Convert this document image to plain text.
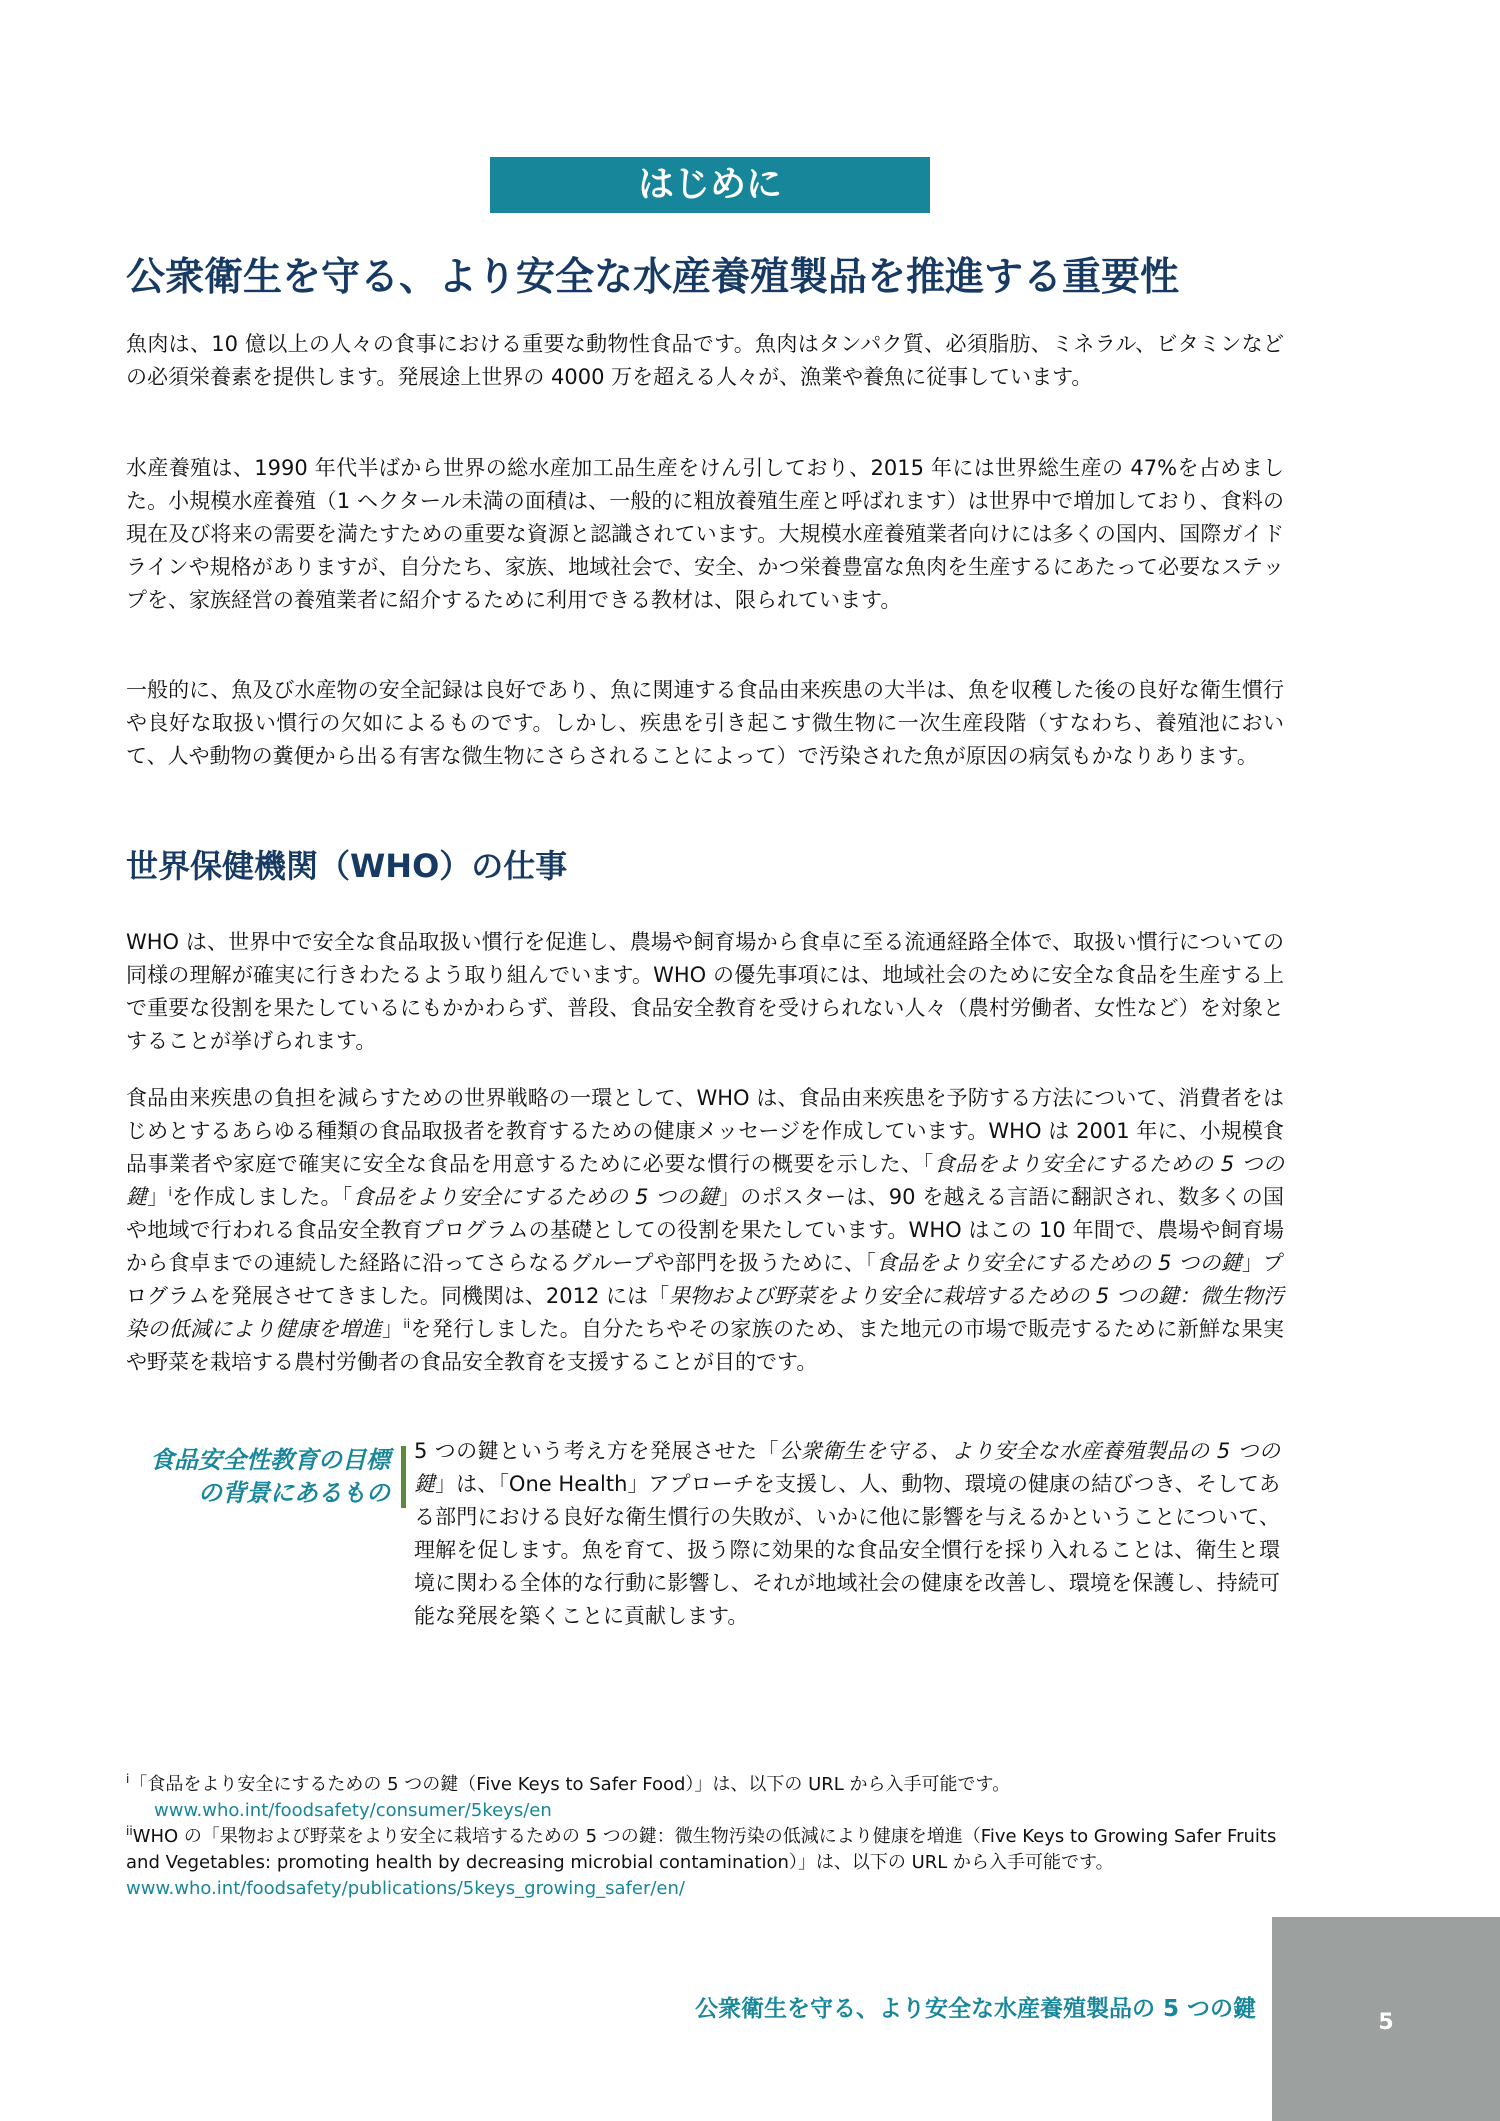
はじめに
公衆衛生を守る、より安全な水産養殖製品を推進する重要性

魚肉は、10 億以上の人々の食事における重要な動物性食品です。魚肉はタンパク質、必須脂肪、ミネラル、ビタミンなどの必須栄養素を提供します。発展途上世界の 4000 万を超える人々が、漁業や養魚に従事しています。

水産養殖は、1990 年代半ばから世界の総水産加工品生産をけん引しており、2015 年には世界総生産の 47%を占めました。小規模水産養殖（1 ヘクタール未満の面積は、一般的に粗放養殖生産と呼ばれます）は世界中で増加しており、食料の現在及び将来の需要を満たすための重要な資源と認識されています。大規模水産養殖業者向けには多くの国内、国際ガイドラインや規格がありますが、自分たち、家族、地域社会で、安全、かつ栄養豊富な魚肉を生産するにあたって必要なステップを、家族経営の養殖業者に紹介するために利用できる教材は、限られています。

一般的に、魚及び水産物の安全記録は良好であり、魚に関連する食品由来疾患の大半は、魚を収穫した後の良好な衛生慣行や良好な取扱い慣行の欠如によるものです。しかし、疾患を引き起こす微生物に一次生産段階（すなわち、養殖池において、人や動物の糞便から出る有害な微生物にさらされることによって）で汚染された魚が原因の病気もかなりあります。

世界保健機関（WHO）の仕事

WHO は、世界中で安全な食品取扱い慣行を促進し、農場や飼育場から食卓に至る流通経路全体で、取扱い慣行についての同様の理解が確実に行きわたるよう取り組んでいます。WHO の優先事項には、地域社会のために安全な食品を生産する上で重要な役割を果たしているにもかかわらず、普段、食品安全教育を受けられない人々（農村労働者、女性など）を対象とすることが挙げられます。

食品由来疾患の負担を減らすための世界戦略の一環として、WHO は、食品由来疾患を予防する方法について、消費者をはじめとするあらゆる種類の食品取扱者を教育するための健康メッセージを作成しています。WHO は 2001 年に、小規模食品事業者や家庭で確実に安全な食品を用意するために必要な慣行の概要を示した、「食品をより安全にするための 5 つの鍵」$^i$を作成しました。「食品をより安全にするための 5 つの鍵」のポスターは、90 を越える言語に翻訳され、数多くの国や地域で行われる食品安全教育プログラムの基礎としての役割を果たしています。WHO はこの 10 年間で、農場や飼育場から食卓までの連続した経路に沿ってさらなるグループや部門を扱うために、「食品をより安全にするための 5 つの鍵」プログラムを発展させてきました。同機関は、2012 には「果物および野菜をより安全に栽培するための 5 つの鍵：微生物汚染の低減により健康を増進」$^{ii}$を発行しました。自分たちやその家族のため、また地元の市場で販売するために新鮮な果実や野菜を栽培する農村労働者の食品安全教育を支援することが目的です。

食品安全性教育の目標
の背景にあるもの

5 つの鍵という考え方を発展させた「公衆衛生を守る、より安全な水産養殖製品の 5 つの鍵」は、「One Health」アプローチを支援し、人、動物、環境の健康の結びつき、そしてある部門における良好な衛生慣行の失敗が、いかに他に影響を与えるかということについて、理解を促します。魚を育て、扱う際に効果的な食品安全慣行を採り入れることは、衛生と環境に関わる全体的な行動に影響し、それが地域社会の健康を改善し、環境を保護し、持続可能な発展を築くことに貢献します。

$^i$「食品をより安全にするための 5 つの鍵（Five Keys to Safer Food）」は、以下の URL から入手可能です。
www.who.int/foodsafety/consumer/5keys/en

$^{ii}$WHO の「果物および野菜をより安全に栽培するための 5 つの鍵：微生物汚染の低減により健康を増進（Five Keys to Growing Safer Fruits and Vegetables: promoting health by decreasing microbial contamination）」は、以下の URL から入手可能です。
www.who.int/foodsafety/publications/5keys_growing_safer/en/

公衆衛生を守る、より安全な水産養殖製品の 5 つの鍵
5
